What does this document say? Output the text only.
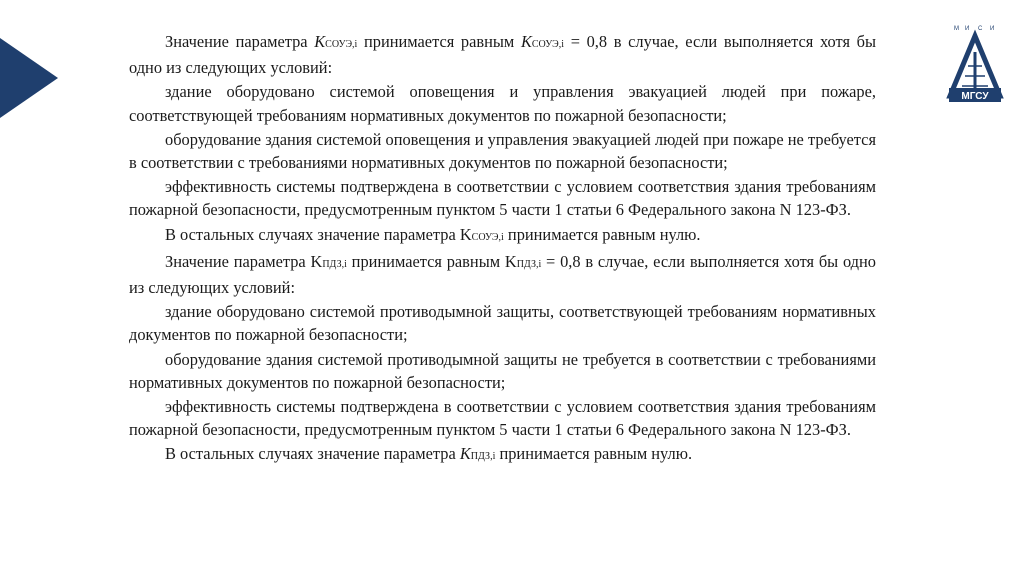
М И С И
МГСУ

Значение параметра KСОУЭ,i принимается равным KСОУЭ,i = 0,8 в случае, если выполняется хотя бы одно из следующих условий:

здание оборудовано системой оповещения и управления эвакуацией людей при пожаре, соответствующей требованиям нормативных документов по пожарной безопасности;

оборудование здания системой оповещения и управления эвакуацией людей при пожаре не требуется в соответствии с требованиями нормативных документов по пожарной безопасности;

эффективность системы подтверждена в соответствии с условием соответствия здания требованиям пожарной безопасности, предусмотренным пунктом 5 части 1 статьи 6 Федерального закона N 123-ФЗ.

В остальных случаях значение параметра KСОУЭ,i принимается равным нулю.

Значение параметра KПДЗ,i принимается равным KПДЗ,i = 0,8 в случае, если выполняется хотя бы одно из следующих условий:

здание оборудовано системой противодымной защиты, соответствующей требованиям нормативных документов по пожарной безопасности;

оборудование здания системой противодымной защиты не требуется в соответствии с требованиями нормативных документов по пожарной безопасности;

эффективность системы подтверждена в соответствии с условием соответствия здания требованиям пожарной безопасности, предусмотренным пунктом 5 части 1 статьи 6 Федерального закона N 123-ФЗ.

В остальных случаях значение параметра KПДЗ,i принимается равным нулю.
